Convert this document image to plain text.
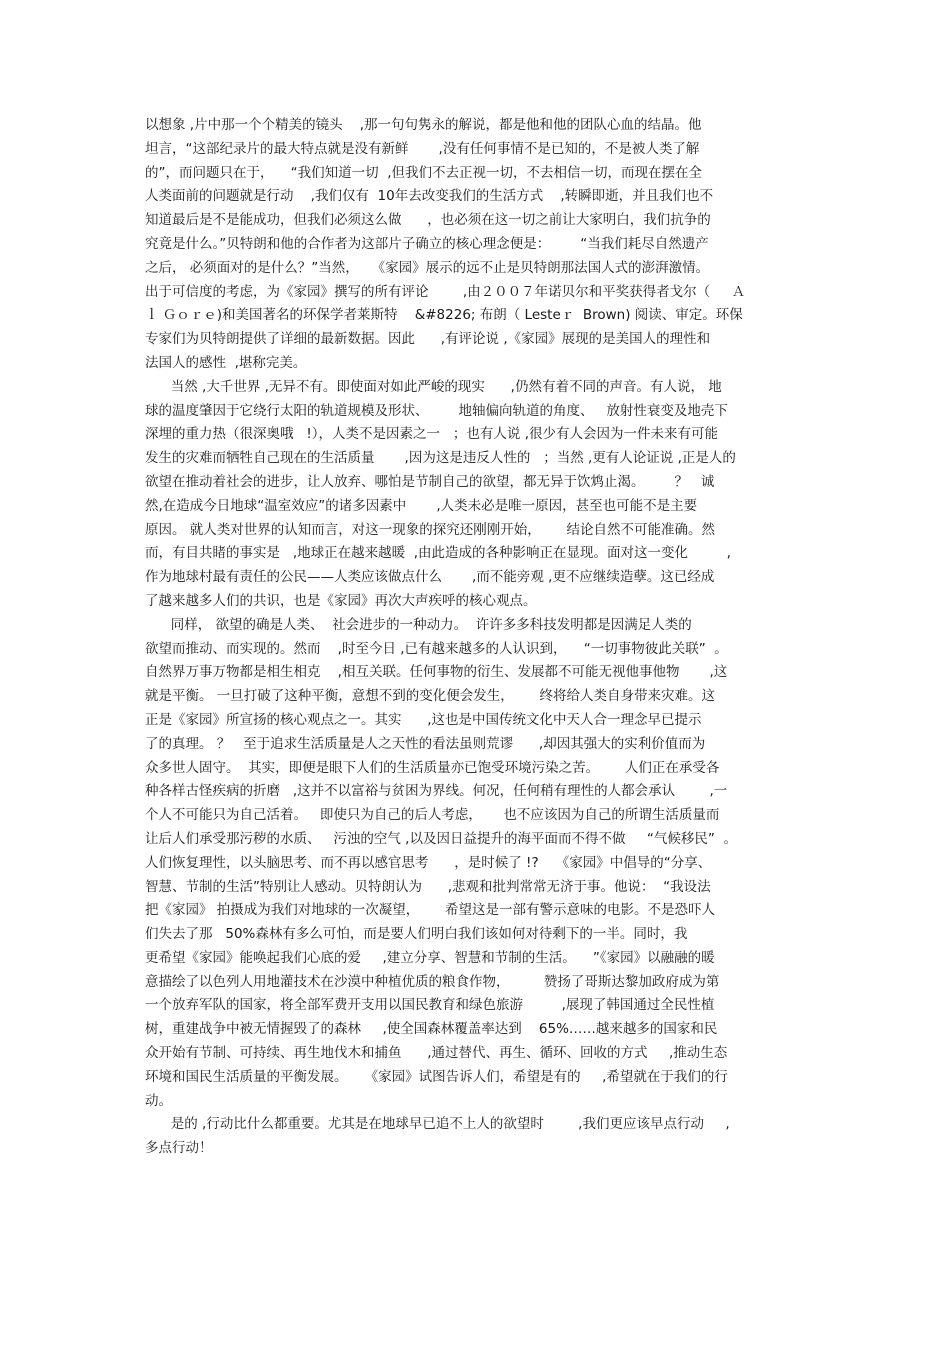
以想象 ,片中那一个个精美的镜头    ,那一句句隽永的解说，都是他和他的团队心血的结晶。他
坦言，“这部纪录片的最大特点就是没有新鲜       ,没有任何事情不是已知的，不是被人类了解
的”，而问题只在于，    “我们知道一切  ,但我们不去正视一切，不去相信一切，而现在摆在全
人类面前的问题就是行动    ,我们仅有  10年去改变我们的生活方式    ,转瞬即逝，并且我们也不
知道最后是不是能成功，但我们必须这么做      ，也必须在这一切之前让大家明白，我们抗争的
究竟是什么。”贝特朗和他的合作者为这部片子确立的核心理念便是：       “当我们耗尽自然遗产
之后， 必须面对的是什么？”当然，   《家园》展示的远不止是贝特朗那法国人式的澎湃激情。
出于可信度的考虑，为《家园》撰写的所有评论        ,由２００７年诺贝尔和平奖获得者戈尔（     Ａ
ｌ Ｇｏｒｅ)和美国著名的环保学者莱斯特    &#8226; 布朗（ Lesteｒ  Brown) 阅读、审定。环保
专家们为贝特朗提供了详细的最新数据。因此      ,有评论说 ,《家园》展现的是美国人的理性和
法国人的感性  ,堪称完美。
当然 ,大千世界 ,无异不有。即使面对如此严峻的现实      ,仍然有着不同的声音。有人说， 地
球的温度肇因于它绕行太阳的轨道规模及形状、       地轴偏向轨道的角度、   放射性衰变及地壳下
深埋的重力热（很深奥哦   !），人类不是因素之一   ；也有人说 ,很少有人会因为一件未来有可能
发生的灾难而牺牲自己现在的生活质量       ,因为这是违反人性的   ；当然 ,更有人论证说 ,正是人的
欲望在推动着社会的进步，让人放弃、哪怕是节制自己的欲望，都无异于饮鸩止渴。       ？   诚
然,在造成今日地球“温室效应”的诸多因素中       ,人类未必是唯一原因，甚至也可能不是主要
原因。 就人类对世界的认知而言，对这一现象的探究还刚刚开始，      结论自然不可能准确。然
而，有目共睹的事实是   ,地球正在越来越暖  ,由此造成的各种影响正在显现。面对这一变化         ,
作为地球村最有责任的公民——人类应该做点什么       ,而不能旁观 ,更不应继续造孽。这已经成
了越来越多人们的共识，也是《家园》再次大声疾呼的核心观点。
同样， 欲望的确是人类、  社会进步的一种动力。  许许多多科技发明都是因满足人类的
欲望而推动、而实现的。然而    ,时至今日 ,已有越来越多的人认识到，    “一切事物彼此关联”  。
自然界万事万物都是相生相克    ,相互关联。任何事物的衍生、发展都不可能无视他事他物       ,这
就是平衡。 一旦打破了这种平衡，意想不到的变化便会发生，      终将给人类自身带来灾难。这
正是《家园》所宣扬的核心观点之一。其实      ,这也是中国传统文化中天人合一理念早已提示
了的真理。 ？   至于追求生活质量是人之天性的看法虽则荒谬      ,却因其强大的实利价值而为
众多世人固守。  其实，即便是眼下人们的生活质量亦已饱受环境污染之苦。      人们正在承受各
种各样古怪疾病的折磨   ,这并不以富裕与贫困为界线。何况，任何稍有理性的人都会承认        ,一
个人不可能只为自己活着。   即使只为自己的后人考虑，     也不应该因为自己的所谓生活质量而
让后人们承受那污秽的水质、   污浊的空气 ,以及因日益提升的海平面而不得不做     “气候移民”  。
人们恢复理性，以头脑思考、而不再以感官思考      ，是时候了 !?    《家园》中倡导的“分享、
智慧、节制的生活”特别让人感动。贝特朗认为      ,悲观和批判常常无济于事。他说：  “我设法
把《家园》 拍摄成为我们对地球的一次凝望，      希望这是一部有警示意味的电影。不是恐吓人
们失去了那   50%森林有多么可怕，而是要人们明白我们该如何对待剩下的一半。同时，我
更希望《家园》能唤起我们心底的爱     ,建立分享、智慧和节制的生活。    ”《家园》以融融的暖
意描绘了以色列人用地灌技术在沙漠中种植优质的粮食作物，        赞扬了哥斯达黎加政府成为第
一个放弃军队的国家，将全部军费开支用以国民教育和绿色旅游         ,展现了韩国通过全民性植
树，重建战争中被无情握毁了的森林     ,使全国森林覆盖率达到    65%……越来越多的国家和民
众开始有节制、可持续、再生地伐木和捕鱼      ,通过替代、再生、循环、回收的方式     ,推动生态
环境和国民生活质量的平衡发展。    《家园》试图告诉人们，希望是有的     ,希望就在于我们的行
动。
是的 ,行动比什么都重要。尤其是在地球早已追不上人的欲望时        ,我们更应该早点行动     ,
多点行动！
